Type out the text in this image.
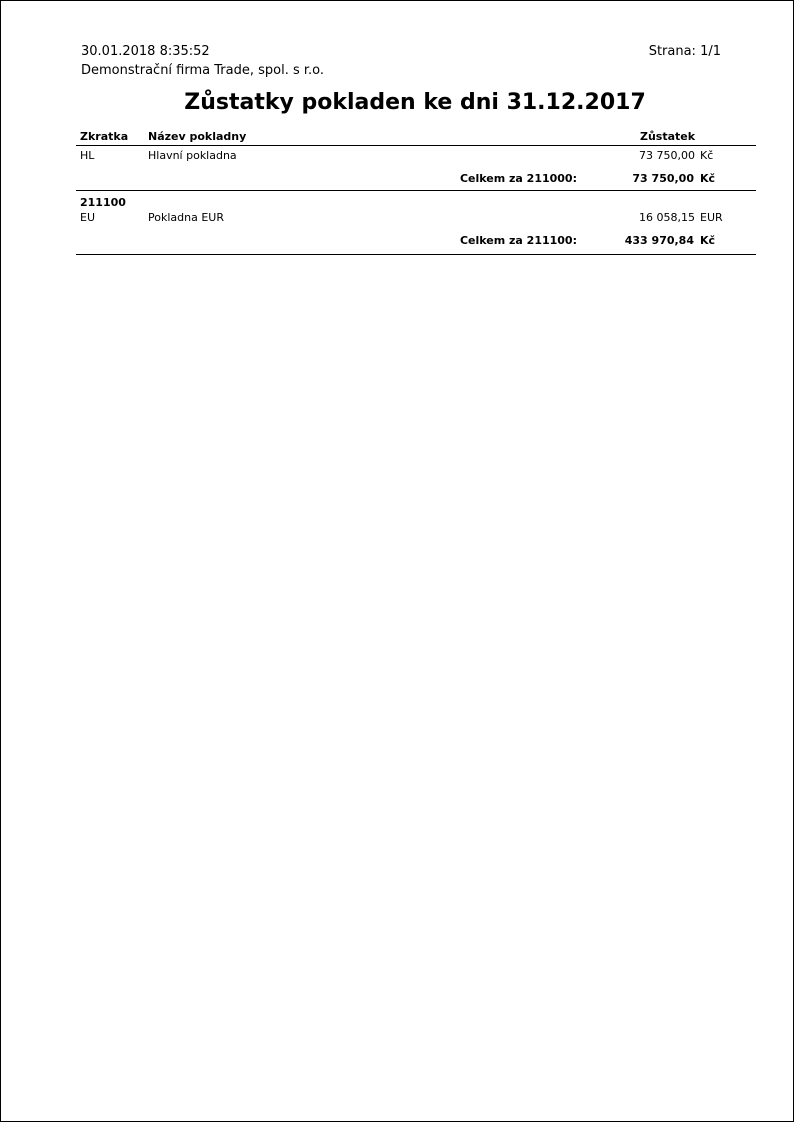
30.01.2018 8:35:52	Strana: 1/1
Demonstrační firma Trade, spol. s r.o.
Zůstatky pokladen ke dni 31.12.2017
Zkratka Název pokladny	Zůstatek
HL	Hlavní pokladna	73 750,00 Kč
Celkem za 211000:	73 750,00 Kč
211100
EU	Pokladna EUR	16 058,15 EUR
Celkem za 211100:	433 970,84 Kč
